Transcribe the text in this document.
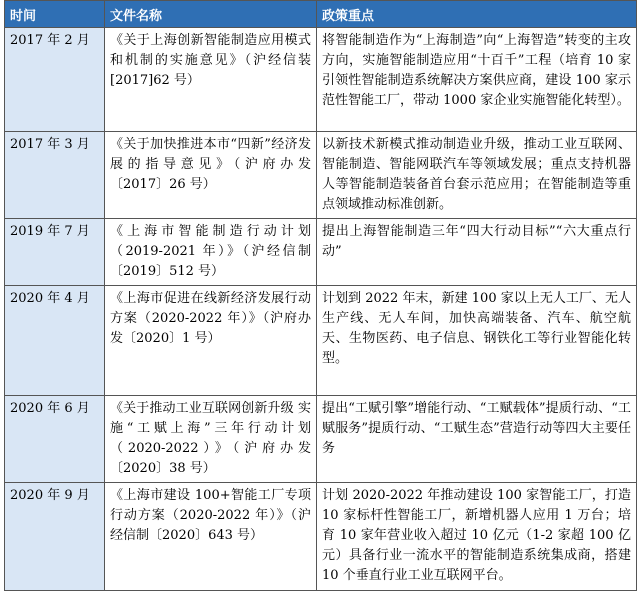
时间	文件名称	政策重点
2017 年 2 月	《关于上海创新智能制造应用模式和机制的实施意见》（沪经信装[2017]62 号）	将智能制造作为“上海制造”向“上海智造”转变的主攻方向，实施智能制造应用“十百千”工程（培育 10 家引领性智能制造系统解决方案供应商，建设 100 家示范性智能工厂，带动 1000 家企业实施智能化转型）。
2017 年 3 月	《关于加快推进本市“四新”经济发展的指导意见》（沪府办发〔2017〕26 号）	以新技术新模式推动制造业升级，推动工业互联网、智能制造、智能网联汽车等领域发展；重点支持机器人等智能制造装备首台套示范应用；在智能制造等重点领域推动标准创新。
2019 年 7 月	《上海市智能制造行动计划（2019-2021 年）》（沪经信制〔2019〕512 号）	提出上海智能制造三年“四大行动目标”“六大重点行动”
2020 年 4 月	《上海市促进在线新经济发展行动方案（2020-2022 年）》（沪府办发〔2020〕1 号）	计划到 2022 年末，新建 100 家以上无人工厂、无人生产线、无人车间，加快高端装备、汽车、航空航天、生物医药、电子信息、钢铁化工等行业智能化转型。
2020 年 6 月	《关于推动工业互联网创新升级 实施“工赋上海”三年行动计划（2020-2022）》（沪府办发〔2020〕38 号）	提出“工赋引擎”增能行动、“工赋载体”提质行动、“工赋服务”提质行动、“工赋生态”营造行动等四大主要任务
2020 年 9 月	《上海市建设 100+智能工厂专项行动方案（2020-2022 年）》（沪经信制〔2020〕643 号）	计划 2020-2022 年推动建设 100 家智能工厂，打造 10 家标杆性智能工厂，新增机器人应用 1 万台；培育 10 家年营业收入超过 10 亿元（1-2 家超 100 亿元）具备行业一流水平的智能制造系统集成商，搭建 10 个垂直行业工业互联网平台。
